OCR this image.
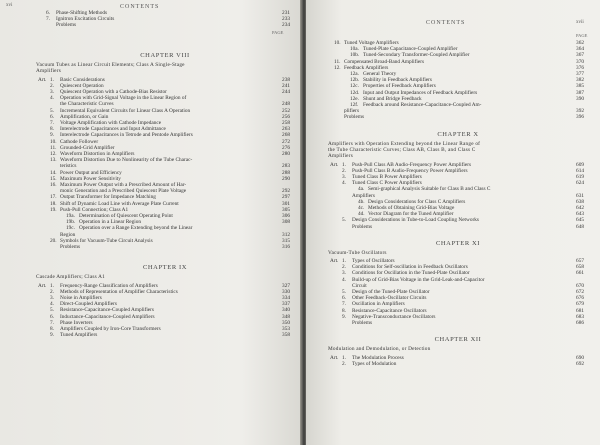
xvi	CONTENTS
PAGE
6. Phase-Shifting Methods	231
7. Ignitron Excitation Circuits	233
Problems	234
CHAPTER VIII
Vacuum Tubes as Linear Circuit Elements; Class A Single-Stage
Amplifiers
Art. 1. Basic Considerations	238
2. Quiescent Operation	241
3. Quiescent Operation with a Cathode-Bias Resistor	244
4. Operation with Grid-Signal Voltage in the Linear Region of
the Characteristic Curves	248
5. Incremental Equivalent Circuits for Linear Class A Operation	252
6. Amplification, or Gain	256
7. Voltage Amplification with Cathode Impedance	258
8. Interelectrode Capacitances and Input Admittance	263
9. Interelectrode Capacitances in Tetrode and Pentode Amplifiers	268
10. Cathode Follower	272
11. Grounded-Grid Amplifier	276
12. Waveform Distortion in Amplifiers	280
13. Waveform Distortion Due to Nonlinearity of the Tube Charac-
teristics	283
14. Power Output and Efficiency	288
15. Maximum Power Sensitivity	290
16. Maximum Power Output with a Prescribed Amount of Har-
monic Generation and a Prescribed Quiescent Plate Voltage	292
17. Output Transformer for Impedance Matching	297
18. Shift of Dynamic Load Line with Average Plate Current	301
19. Push-Pull Connection; Class A1	305
19a. Determination of Quiescent Operating Point	306
19b. Operation in a Linear Region	308
19c. Operation over a Range Extending beyond the Linear
Region	312
20. Symbols for Vacuum-Tube Circuit Analysis	315
Problems	316
CHAPTER IX
Cascade Amplifiers; Class A1
Art. 1. Frequency-Range Classification of Amplifiers	327
2. Methods of Representation of Amplifier Characteristics	330
3. Noise in Amplifiers	334
4. Direct-Coupled Amplifiers	337
5. Resistance-Capacitance-Coupled Amplifiers	340
6. Inductance-Capacitance-Coupled Amplifiers	348
7. Phase Inverters	350
8. Amplifiers Coupled by Iron-Core Transformers	353
9. Tuned Amplifiers	358
CONTENTS	xvii
PAGE
10. Tuned Voltage Amplifiers	362
10a. Tuned-Plate Capacitance-Coupled Amplifier	364
10b. Tuned-Secondary Transformer-Coupled Amplifier	367
11. Compensated Broad-Band Amplifiers	370
12. Feedback Amplifiers	376
12a. General Theory	377
12b. Stability in Feedback Amplifiers	382
12c. Properties of Feedback Amplifiers	385
12d. Input and Output Impedances of Feedback Amplifiers	387
12e. Shunt and Bridge Feedback	390
12f. Feedback around Resistance-Capacitance-Coupled Am-
plifiers	392
Problems	396
CHAPTER X
Amplifiers with Operation Extending beyond the Linear Range of
the Tube Characteristic Curves; Class AB, Class B, and Class C
Amplifiers
Art. 1. Push-Pull Class AB Audio-Frequency Power Amplifiers	609
2. Push-Pull Class B Audio-Frequency Power Amplifiers	614
3. Tuned Class B Power Amplifiers	619
4. Tuned Class C Power Amplifiers	624
4a. Semi-graphical Analysis Suitable for Class B and Class C
Amplifiers	631
4b. Design Considerations for Class C Amplifiers	638
4c. Methods of Obtaining Grid-Bias Voltage	642
4d. Vector Diagram for the Tuned Amplifier	643
5. Design Considerations in Tube-to-Load Coupling Networks	645
Problems	648
CHAPTER XI
Vacuum-Tube Oscillators
Art. 1. Types of Oscillators	657
2. Conditions for Self-oscillation in Feedback Oscillators	658
3. Conditions for Oscillation in the Tuned-Plate Oscillator	661
4. Build-up of Grid-Bias Voltage in the Grid-Leak-and-Capacitor
Circuit	670
5. Design of the Tuned-Plate Oscillator	672
6. Other Feedback-Oscillator Circuits	676
7. Oscillation in Amplifiers	679
8. Resistance-Capacitance Oscillators	681
9. Negative-Transconductance Oscillators	683
Problems	686
CHAPTER XII
Modulation and Demodulation, or Detection
Art. 1. The Modulation Process	690
2. Types of Modulation	692
